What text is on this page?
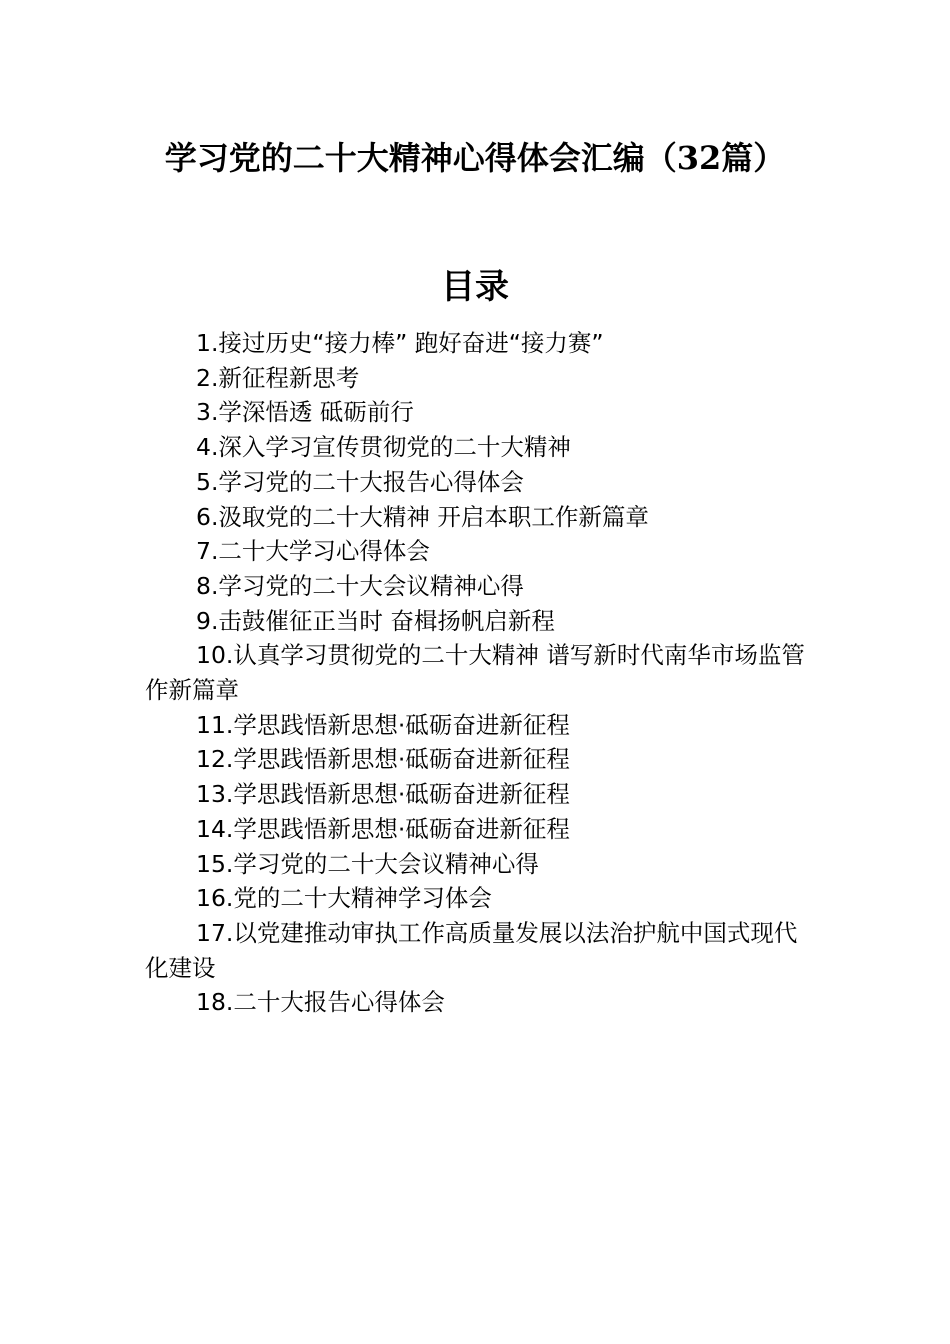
学习党的二十大精神心得体会汇编（32篇）
目录
1.接过历史“接力棒” 跑好奋进“接力赛”
2.新征程新思考
3.学深悟透 砥砺前行
4.深入学习宣传贯彻党的二十大精神
5.学习党的二十大报告心得体会
6.汲取党的二十大精神 开启本职工作新篇章
7.二十大学习心得体会
8.学习党的二十大会议精神心得
9.击鼓催征正当时 奋楫扬帆启新程
10.认真学习贯彻党的二十大精神 谱写新时代南华市场监管作新篇章
11.学思践悟新思想·砥砺奋进新征程
12.学思践悟新思想·砥砺奋进新征程
13.学思践悟新思想·砥砺奋进新征程
14.学思践悟新思想·砥砺奋进新征程
15.学习党的二十大会议精神心得
16.党的二十大精神学习体会
17.以党建推动审执工作高质量发展以法治护航中国式现代化建设
18.二十大报告心得体会
